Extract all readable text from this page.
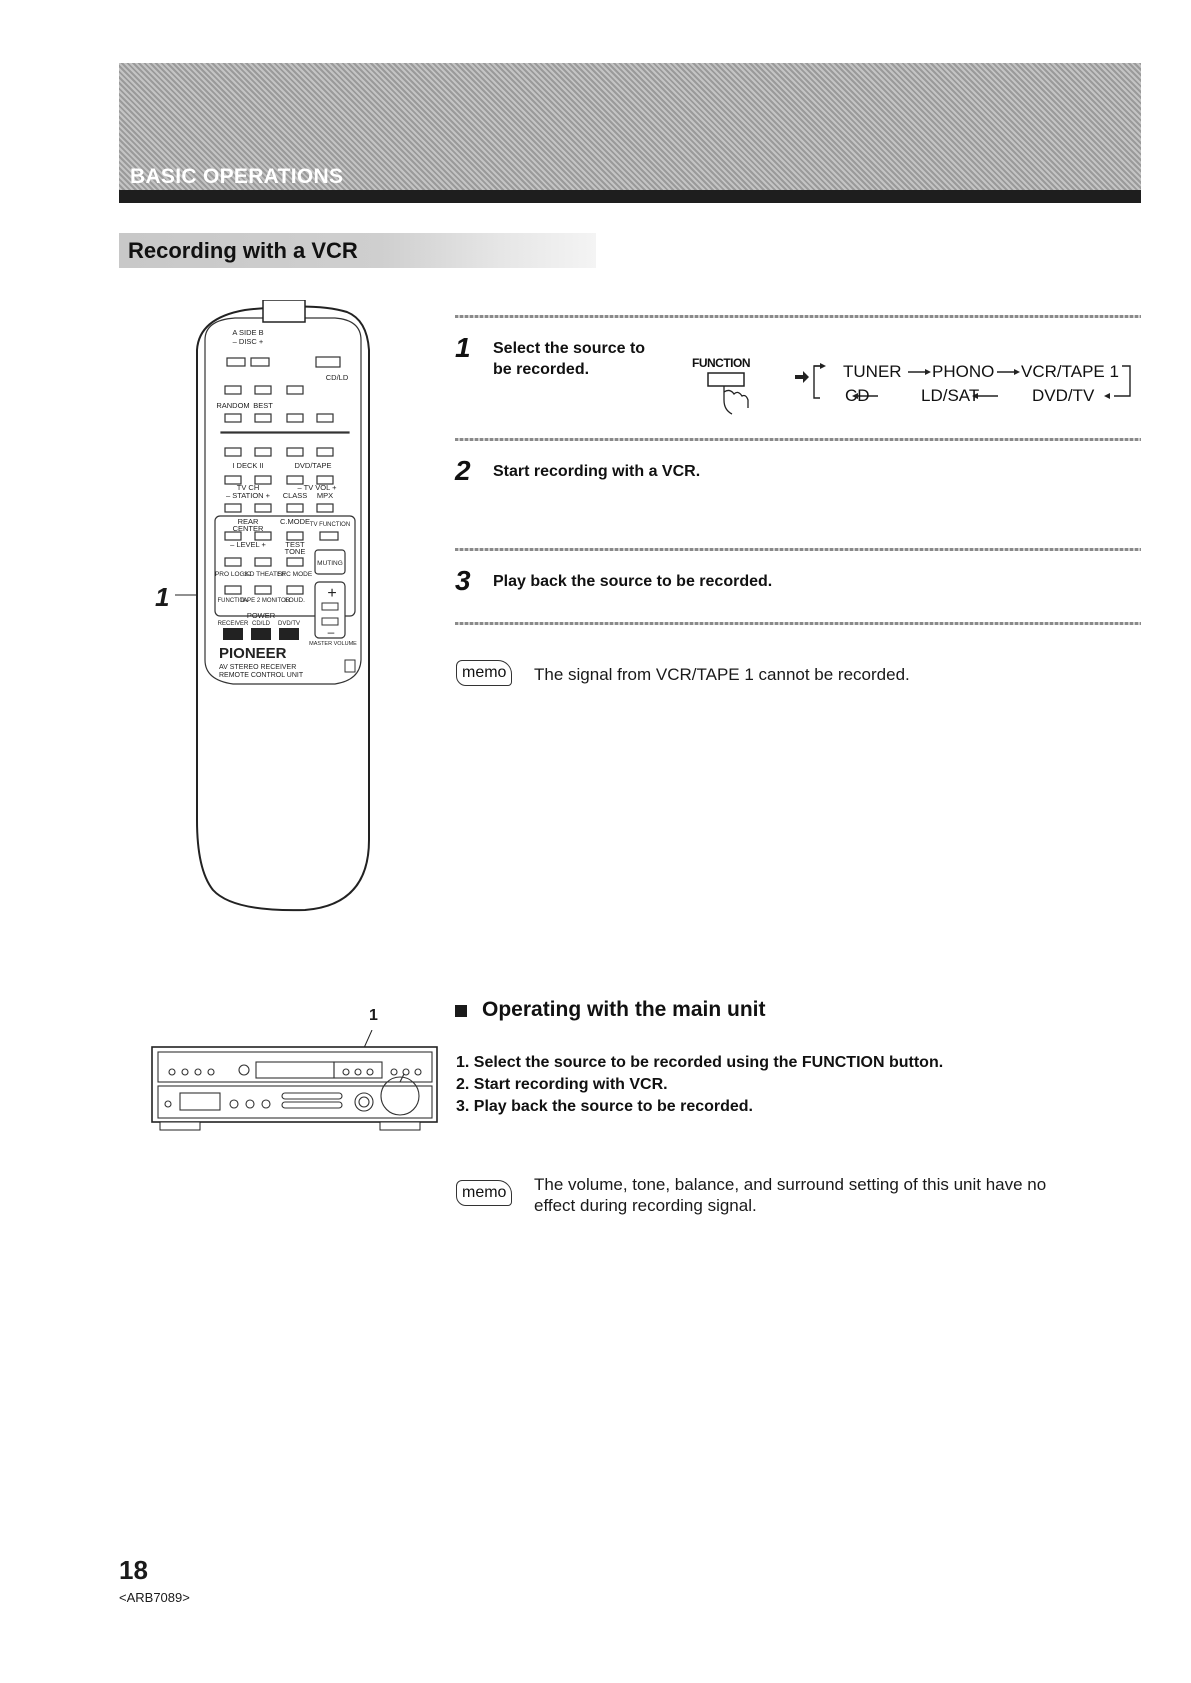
BASIC OPERATIONS
Recording with a VCR
1	+
–
A SIDE B
– DISC +
CD/LD
RANDOM BEST
I DECK II	DVD/TAPE
TV CH
– STATION +
– TV VOL +
CLASS MPX
REAR
CENTER
– LEVEL +
C.MODE
TEST
TONE
TV FUNCTION
PRO LOGIC
3-D THEATER
SFC MODE
MUTING
FUNCTION
TAPE 2 MONITOR
LOUD.
POWER
RECEIVER CD/LD DVD/TV
MASTER VOLUME
PIONEER
AV STEREO RECEIVER
REMOTE CONTROL UNIT
1 Select the source to
be recorded.	FUNCTION	TUNER PHONO VCR/TAPE 1
CD	LD/SAT	DVD/TV
2 Start recording with a VCR.
3 Play back the source to be recorded.
memo	The signal from VCR/TAPE 1 cannot be recorded.
1	Operating with the main unit
1. Select the source to be recorded using the FUNCTION button.
2. Start recording with VCR.
3. Play back the source to be recorded.
memo	The volume, tone, balance, and surround setting of this unit have no
effect during recording signal.
18
<ARB7089>
